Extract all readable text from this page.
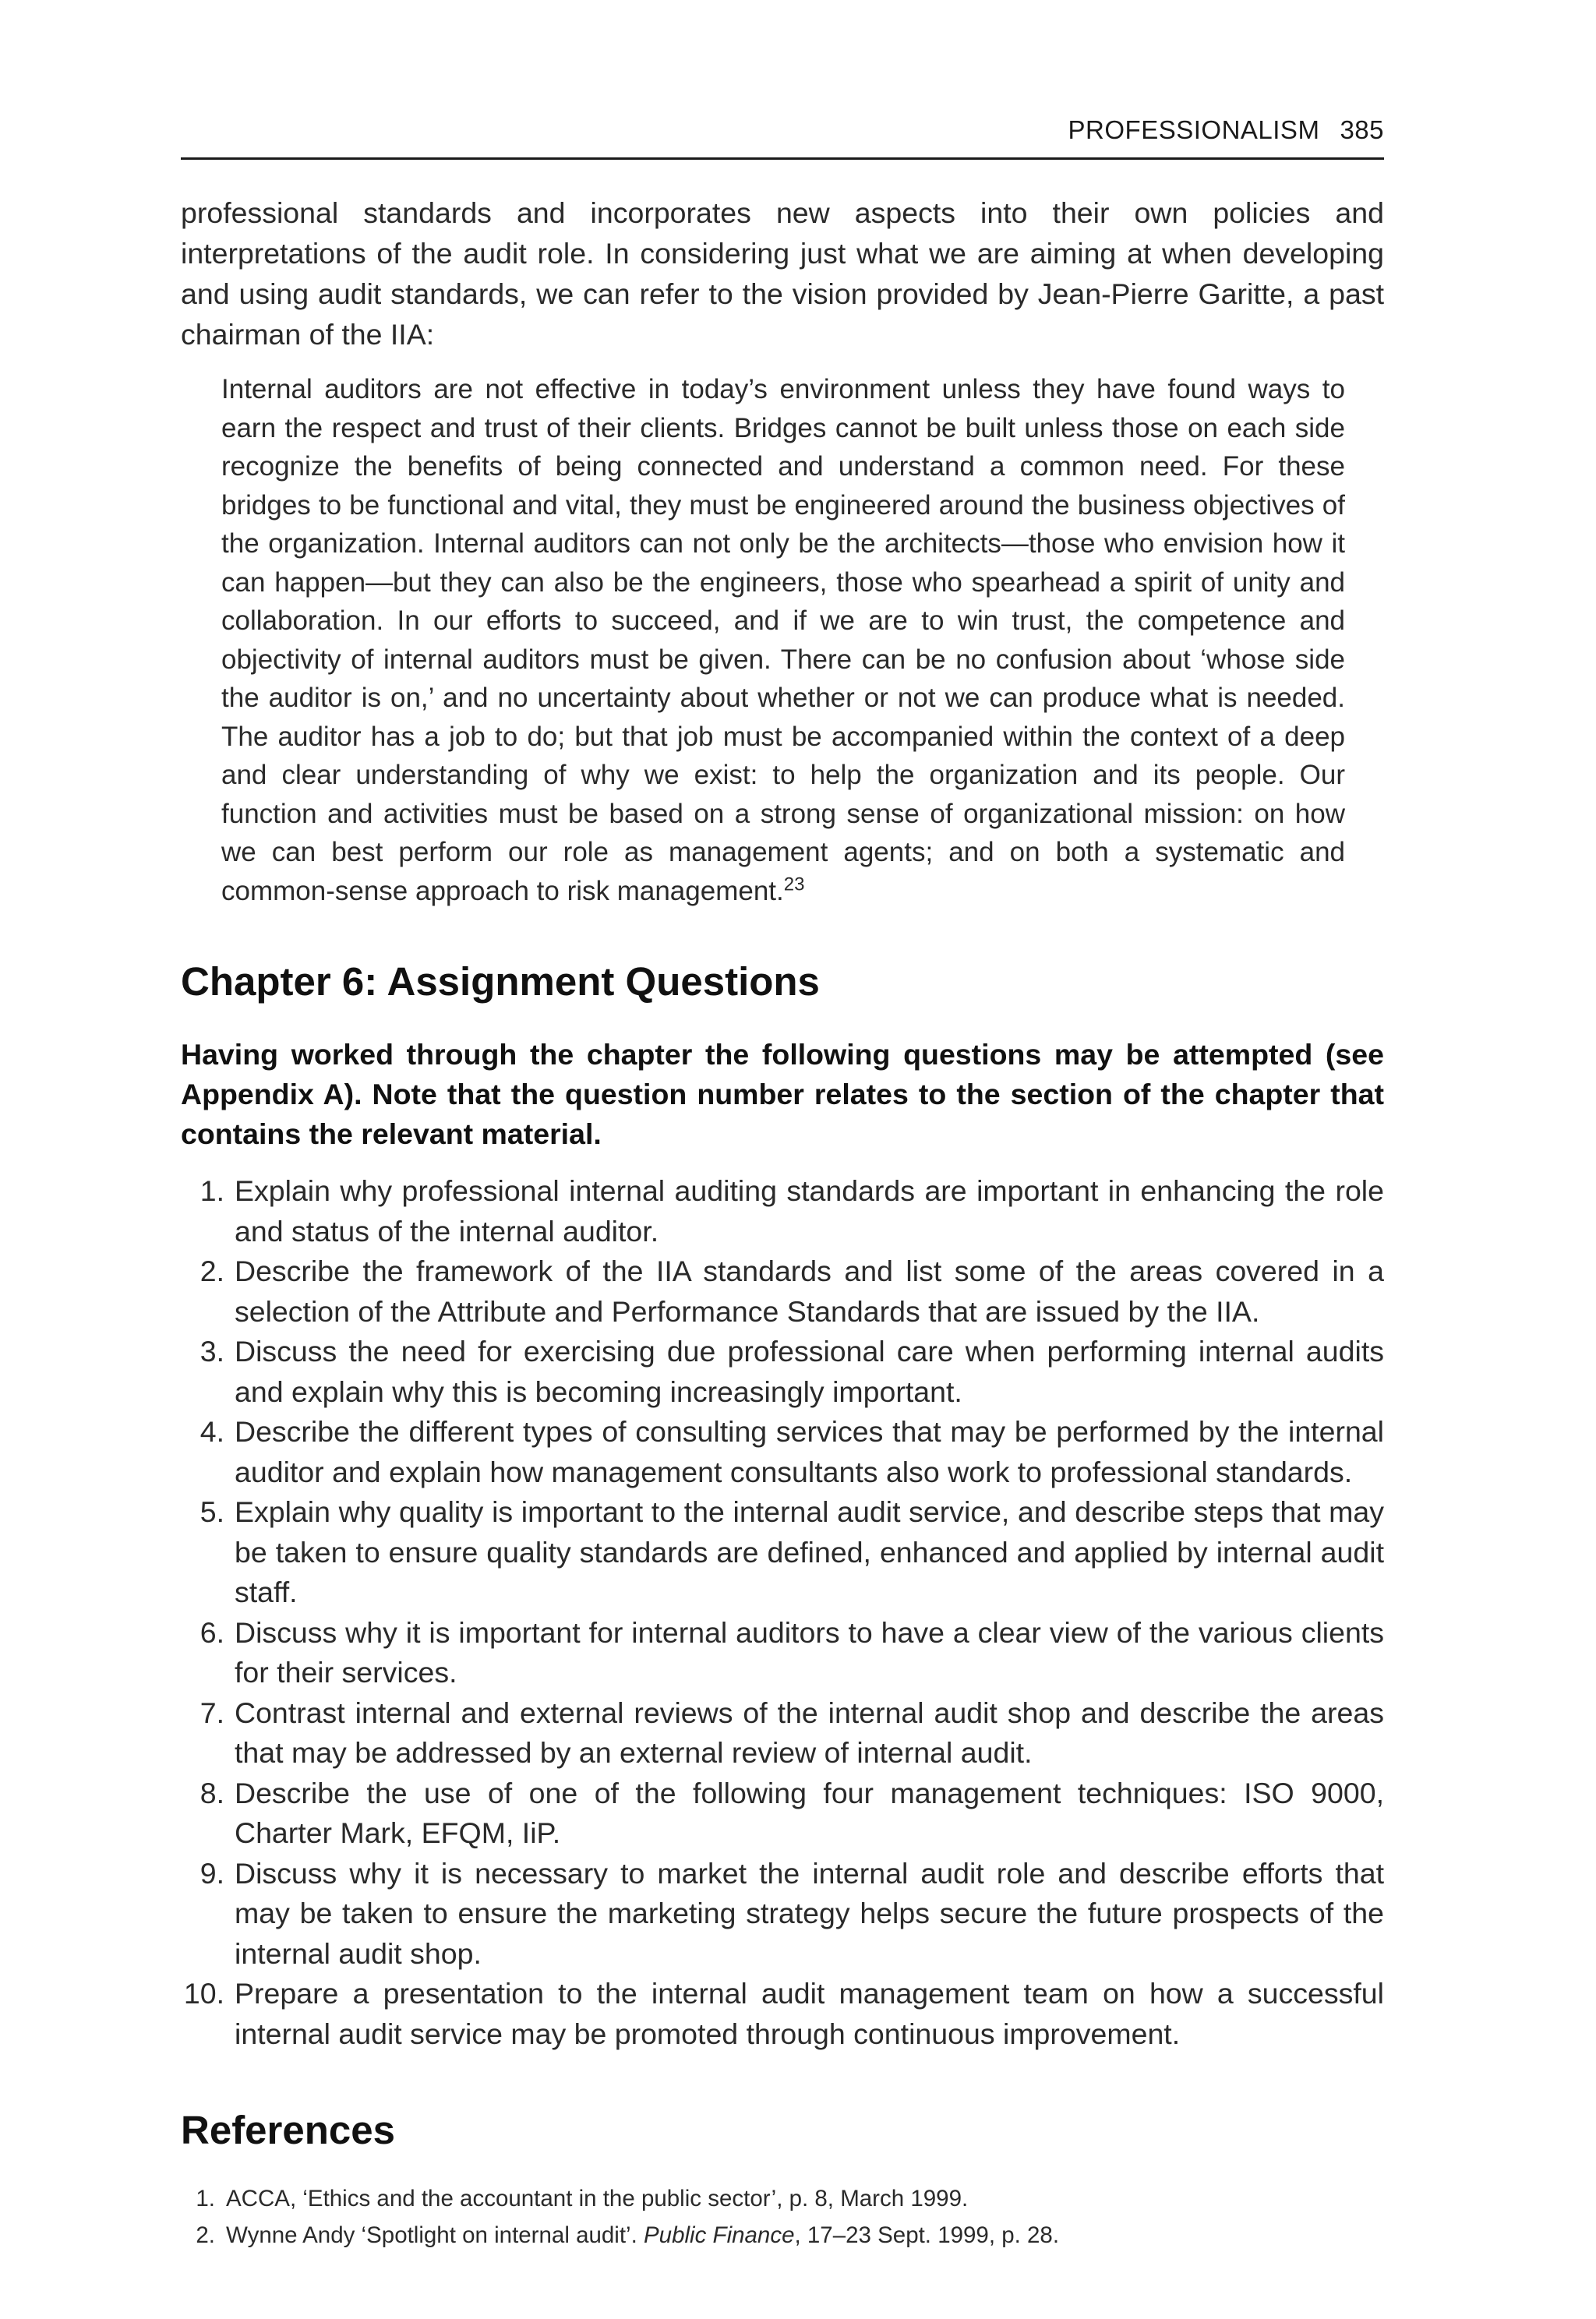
PROFESSIONALISM 385

professional standards and incorporates new aspects into their own policies and interpretations of the audit role. In considering just what we are aiming at when developing and using audit standards, we can refer to the vision provided by Jean-Pierre Garitte, a past chairman of the IIA:

Internal auditors are not effective in today’s environment unless they have found ways to earn the respect and trust of their clients. Bridges cannot be built unless those on each side recognize the benefits of being connected and understand a common need. For these bridges to be functional and vital, they must be engineered around the business objectives of the organization. Internal auditors can not only be the architects—those who envision how it can happen—but they can also be the engineers, those who spearhead a spirit of unity and collaboration. In our efforts to succeed, and if we are to win trust, the competence and objectivity of internal auditors must be given. There can be no confusion about ‘whose side the auditor is on,’ and no uncertainty about whether or not we can produce what is needed. The auditor has a job to do; but that job must be accompanied within the context of a deep and clear understanding of why we exist: to help the organization and its people. Our function and activities must be based on a strong sense of organizational mission: on how we can best perform our role as management agents; and on both a systematic and common-sense approach to risk management.$^{23}$

Chapter 6: Assignment Questions

Having worked through the chapter the following questions may be attempted (see Appendix A). Note that the question number relates to the section of the chapter that contains the relevant material.

1. Explain why professional internal auditing standards are important in enhancing the role and status of the internal auditor.
2. Describe the framework of the IIA standards and list some of the areas covered in a selection of the Attribute and Performance Standards that are issued by the IIA.
3. Discuss the need for exercising due professional care when performing internal audits and explain why this is becoming increasingly important.
4. Describe the different types of consulting services that may be performed by the internal auditor and explain how management consultants also work to professional standards.
5. Explain why quality is important to the internal audit service, and describe steps that may be taken to ensure quality standards are defined, enhanced and applied by internal audit staff.
6. Discuss why it is important for internal auditors to have a clear view of the various clients for their services.
7. Contrast internal and external reviews of the internal audit shop and describe the areas that may be addressed by an external review of internal audit.
8. Describe the use of one of the following four management techniques: ISO 9000, Charter Mark, EFQM, IiP.
9. Discuss why it is necessary to market the internal audit role and describe efforts that may be taken to ensure the marketing strategy helps secure the future prospects of the internal audit shop.
10. Prepare a presentation to the internal audit management team on how a successful internal audit service may be promoted through continuous improvement.
References
1. ACCA, ‘Ethics and the accountant in the public sector’, p. 8, March 1999.
2. Wynne Andy ‘Spotlight on internal audit’. Public Finance, 17–23 Sept. 1999, p. 28.
